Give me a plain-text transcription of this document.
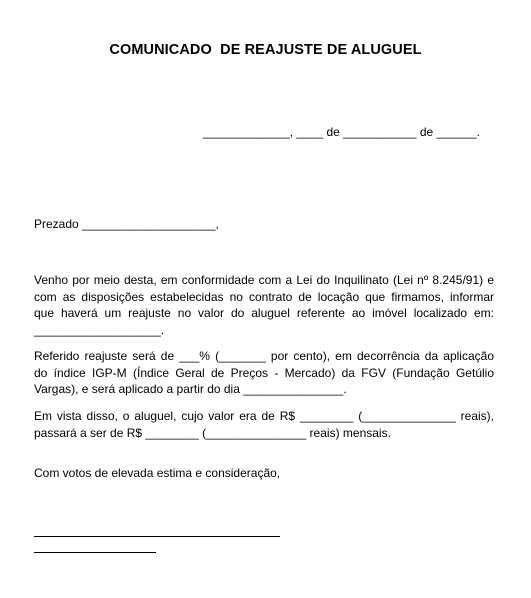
COMUNICADO  DE REAJUSTE DE ALUGUEL
_____________, ____ de ___________ de ______.
Prezado ____________________,
Venho por meio desta, em conformidade com a Lei do Inquilinato (Lei nº 8.245/91) e
com as disposições estabelecidas no contrato de locação que firmamos, informar
que haverá um reajuste no valor do aluguel referente ao imóvel localizado em:
___________________.
Referido reajuste será de ___% (_______ por cento), em decorrência da aplicação
do índice IGP-M (Índice Geral de Preços - Mercado) da FGV (Fundação Getúlio
Vargas), e será aplicado a partir do dia _______________.
Em vista disso, o aluguel, cujo valor era de R$ ________ (______________ reais),
passará a ser de R$ ________ (_______________ reais) mensais.
Com votos de elevada estima e consideração,
